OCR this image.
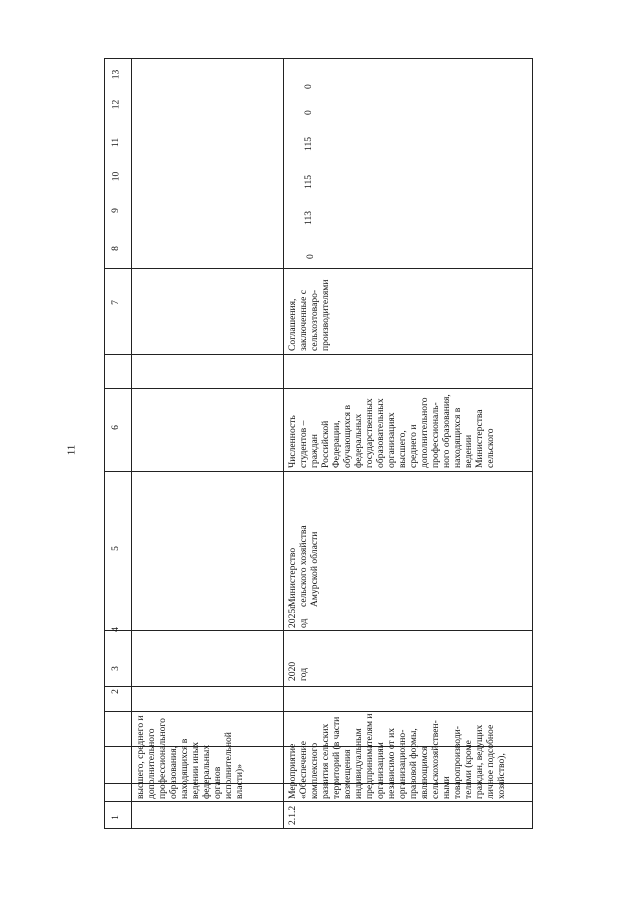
11
1
2
3
4
5
6
7
8
9
10
11
12
13
высшего, среднего и
дополнительного
профессионального
образования,
находящихся в
ведении иных
федеральных
органов
исполнительной
власти)»
2.1.2
Мероприятие
«Обеспечение
комплексного
развития сельских
территорий (в части
возмещения
индивидуальным
предпринимателям и
организациям
независимо от их
организационно-
правовой формы,
являющимся
сельскохозяйствен-
ными
товаропроизводи-
телями (кроме
граждан, ведущих
личное подсобное
хозяйство),
2020
год
2025г
од
Министерство
сельского хозяйства
Амурской области
Численность
студентов –
граждан
Российской
Федерации,
обучающихся в
федеральных
государственных
образовательных
организациях
высшего,
среднего и
дополнительного
профессиональ-
ного образования,
находящихся в
ведении
Министерства
сельского
Соглашения,
заключенные с
сельхозтоваро-
производителями
0
113
115
115
0
0
